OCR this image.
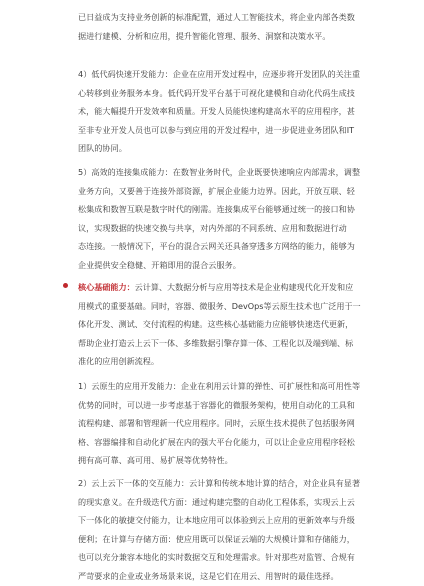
已日益成为支持业务创新的标准配置，通过人工智能技术，将企业内部各类数
据进行建模、分析和应用，提升智能化管理、服务、洞察和决策水平。
4）低代码快速开发能力：企业在应用开发过程中，应逐步将开发团队的关注重
心转移到业务服务本身。低代码开发平台基于可视化建模和自动化代码生成技
术，能大幅提升开发效率和质量。开发人员能快速构建高水平的应用程序，甚
至非专业开发人员也可以参与到应用的开发过程中，进一步促进业务团队和IT
团队的协同。
5）高效的连接集成能力：在数智业务时代，企业既要快速响应内部需求，调整
业务方向，又要善于连接外部资源，扩展企业能力边界。因此，开放互联、轻
松集成和数智互联是数字时代的刚需。连接集成平台能够通过统一的接口和协
议，实现数据的快速交换与共享，对内外部的不同系统、应用和数据进行动
态连接。一般情况下，平台的混合云网关还具备穿透多方网络的能力，能够为
企业提供安全稳健、开箱即用的混合云服务。
核心基础能力：云计算、大数据分析与应用等技术是企业构建现代化开发和应
用模式的重要基础。同时，容器、微服务、DevOps等云原生技术也广泛用于一
体化开发、测试、交付流程的构建。这些核心基础能力应能够快速迭代更新，
帮助企业打造云上云下一体、多维数据引擎存算一体、工程化以及端到端、标
准化的应用创新流程。
1）云原生的应用开发能力：企业在利用云计算的弹性、可扩展性和高可用性等
优势的同时，可以进一步考虑基于容器化的微服务架构，使用自动化的工具和
流程构建、部署和管理新一代应用程序。同时，云原生技术提供了包括服务网
格、容器编排和自动化扩展在内的强大平台化能力，可以让企业应用程序轻松
拥有高可靠、高可用、易扩展等优势特性。
2）云上云下一体的交互能力：云计算和传统本地计算的结合，对企业具有显著
的现实意义。在升级迭代方面：通过构建完整的自动化工程体系，实现云上云
下一体化的敏捷交付能力，让本地应用可以体验到云上应用的更新效率与升级
便利；在计算与存储方面：使应用既可以保证云端的大规模计算和存储能力，
也可以充分兼容本地化的实时数据交互和处理需求。针对那些对监管、合规有
严苛要求的企业或业务场景来说，这是它们在用云、用智时的最佳选择。
